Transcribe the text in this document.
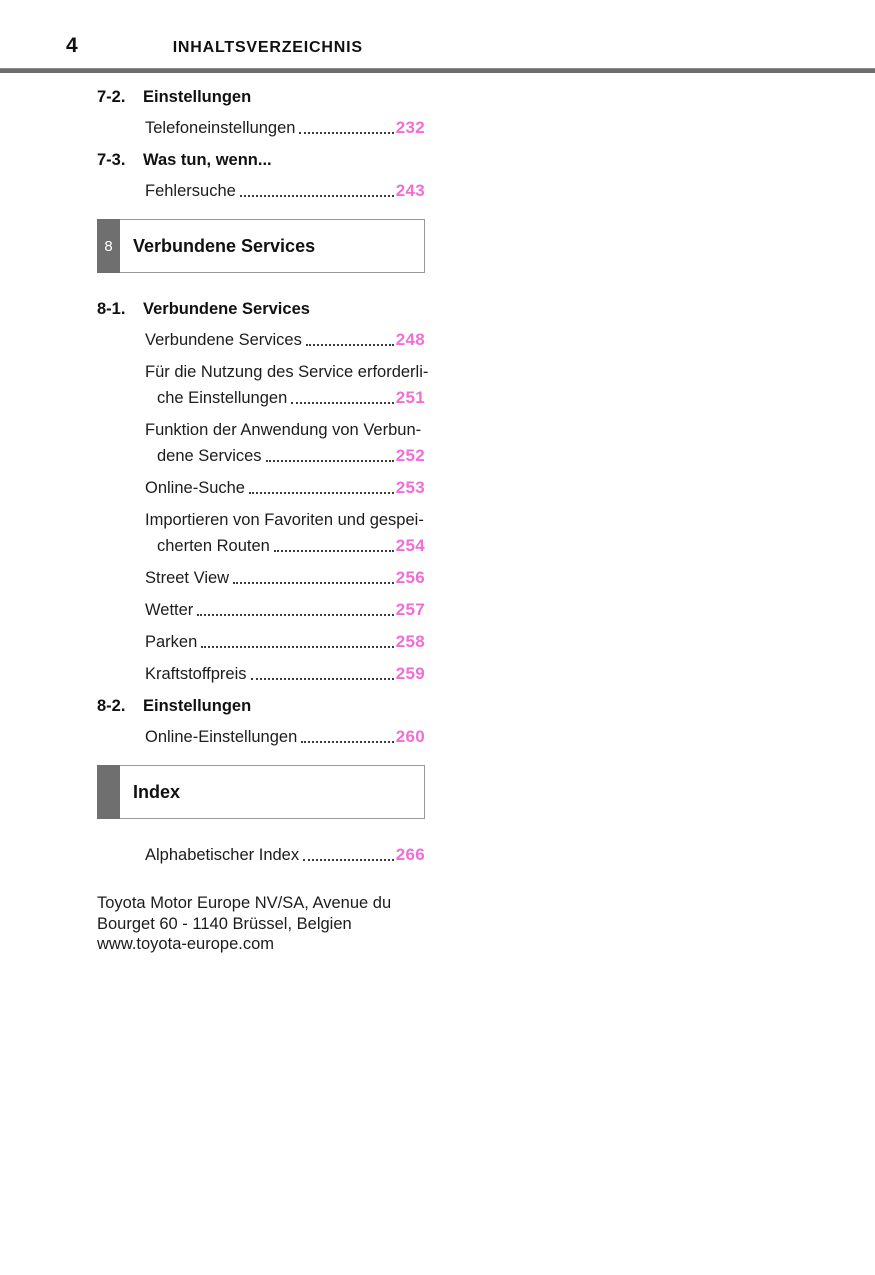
4	INHALTSVERZEICHNIS
7-2.	Einstellungen
Telefoneinstellungen	232
7-3.	Was tun, wenn...
Fehlersuche	243
8	Verbundene Services
8-1.	Verbundene Services
Verbundene Services	248
Für die Nutzung des Service erforderli-
che Einstellungen	251
Funktion der Anwendung von Verbun-
dene Services	252
Online-Suche	253
Importieren von Favoriten und gespei-
cherten Routen	254
Street View	256
Wetter	257
Parken	258
Kraftstoffpreis	259
8-2.	Einstellungen
Online-Einstellungen	260
Index
Alphabetischer Index	266
Toyota Motor Europe NV/SA, Avenue du
Bourget 60 - 1140 Brüssel, Belgien
www.toyota-europe.com
